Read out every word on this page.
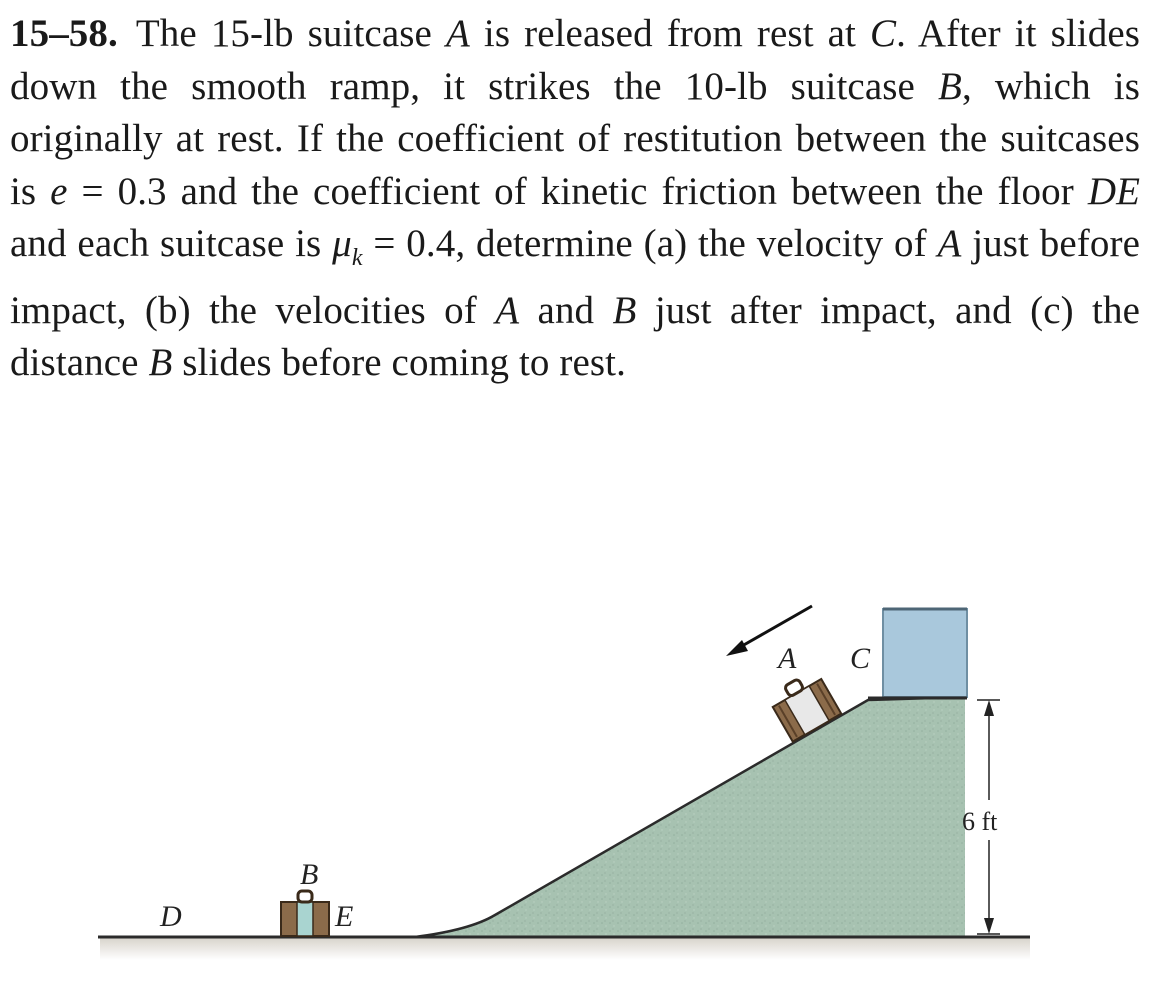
15–58. The 15-lb suitcase A is released from rest at C. After it slides down the smooth ramp, it strikes the 10-lb suitcase B, which is originally at rest. If the coefficient of restitution between the suitcases is e = 0.3 and the coefficient of kinetic friction between the floor DE and each suitcase is $\mu_k = 0.4$, determine (a) the velocity of A just before impact, (b) the velocities of A and B just after impact, and (c) the distance B slides before coming to rest.
A C
B
D	E
6 ft
